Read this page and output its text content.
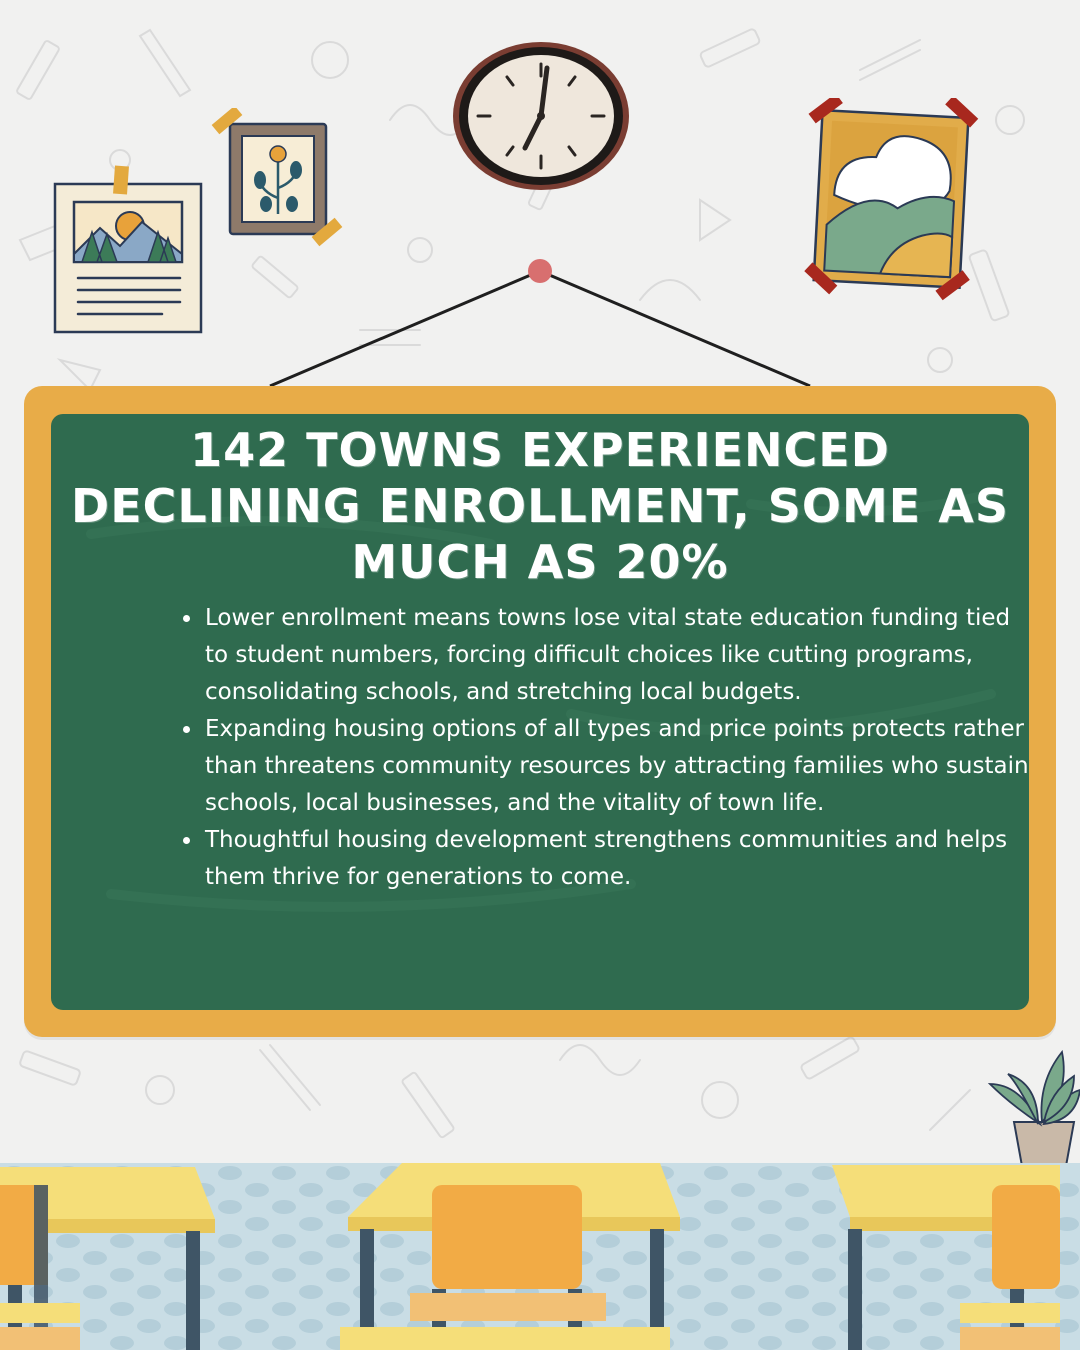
142 TOWNS EXPERIENCED DECLINING ENROLLMENT, SOME AS MUCH AS 20%
• Lower enrollment means towns lose vital state education funding tied to student numbers, forcing difficult choices like cutting programs, consolidating schools, and stretching local budgets.
• Expanding housing options of all types and price points protects rather than threatens community resources by attracting families who sustain schools, local businesses, and the vitality of town life.
• Thoughtful housing development strengthens communities and helps them thrive for generations to come.
